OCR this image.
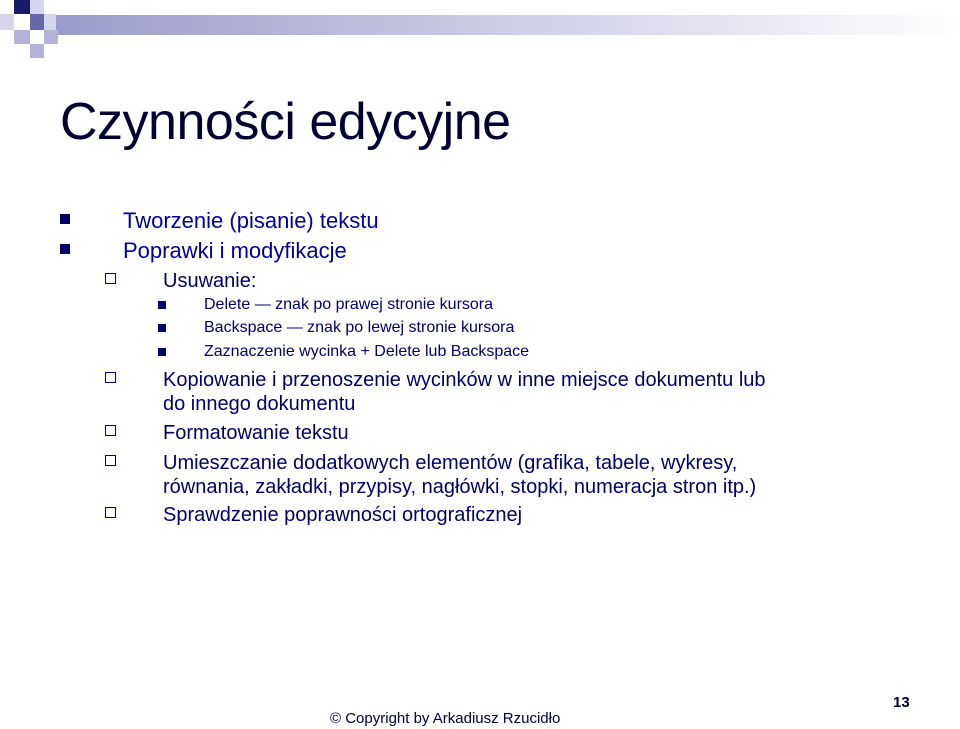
Czynności edycyjne
Tworzenie (pisanie) tekstu
Poprawki i modyfikacje
Usuwanie:
Delete — znak po prawej stronie kursora
Backspace — znak po lewej stronie kursora
Zaznaczenie wycinka + Delete lub Backspace
Kopiowanie i przenoszenie wycinków w inne miejsce dokumentu lub
do innego dokumentu
Formatowanie tekstu
Umieszczanie dodatkowych elementów (grafika, tabele, wykresy,
równania, zakładki, przypisy, nagłówki, stopki, numeracja stron itp.)
Sprawdzenie poprawności ortograficznej
© Copyright by Arkadiusz Rzucidło
13
